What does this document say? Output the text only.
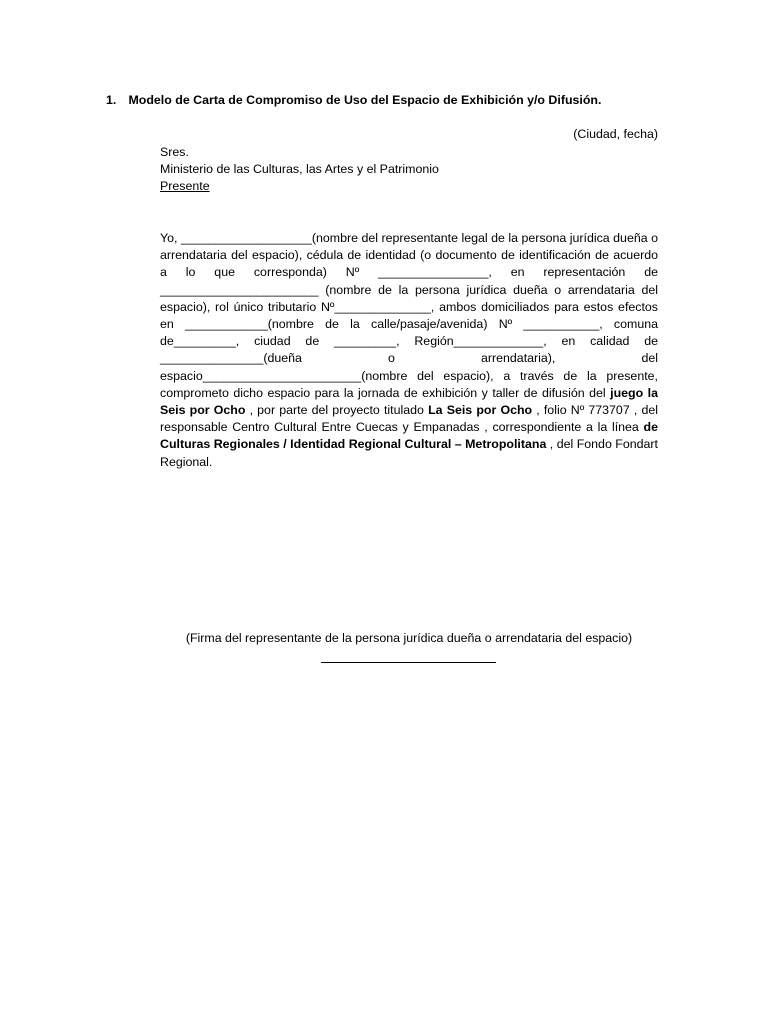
1. Modelo de Carta de Compromiso de Uso del Espacio de Exhibición y/o Difusión.
(Ciudad, fecha)
Sres.
Ministerio de las Culturas, las Artes y el Patrimonio
Presente
Yo, ___________________(nombre del representante legal de la persona jurídica dueña o arrendataria del espacio), cédula de identidad (o documento de identificación de acuerdo a lo que corresponda) Nº ________________, en representación de _______________________ (nombre de la persona jurídica dueña o arrendataria del espacio), rol único tributario Nº______________, ambos domiciliados para estos efectos en ____________(nombre de la calle/pasaje/avenida) Nº ___________, comuna de_________, ciudad de _________, Región_____________, en calidad de _______________(dueña o arrendataria), del espacio_______________________(nombre del espacio), a través de la presente, comprometo dicho espacio para la jornada de exhibición y taller de difusión del juego la Seis por Ocho , por parte del proyecto titulado La Seis por Ocho , folio Nº 773707 , del responsable Centro Cultural Entre Cuecas y Empanadas , correspondiente a la línea de Culturas Regionales / Identidad Regional Cultural – Metropolitana , del Fondo Fondart Regional.
(Firma del representante de la persona jurídica dueña o arrendataria del espacio)
